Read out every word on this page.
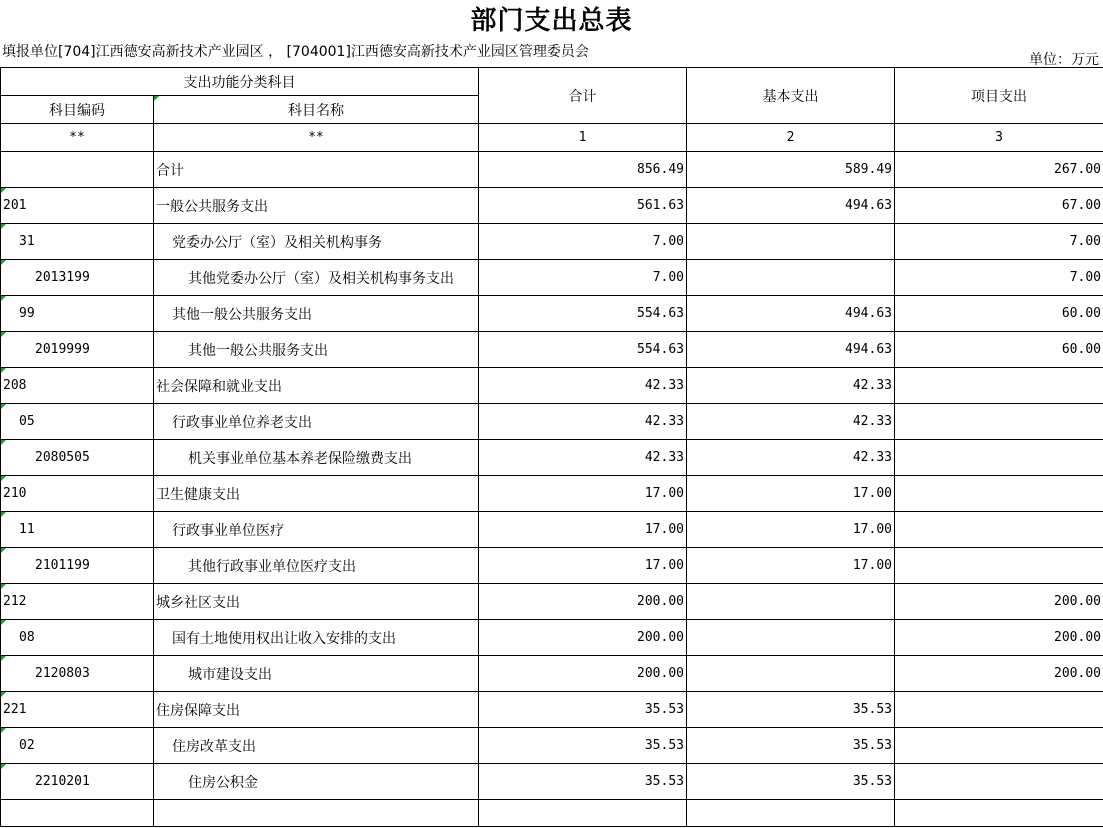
部门支出总表
填报单位[704]江西德安高新技术产业园区 ， [704001]江西德安高新技术产业园区管理委员会	单位：万元
支出功能分类科目		合计	基本支出	项目支出
科目编码	科目名称			
**	**	1	2	3
	合计	856.49	589.49	267.00

201	一般公共服务支出	561.63	494.63	67.00

31	党委办公厅（室）及相关机构事务	7.00		7.00

2013199	其他党委办公厅（室）及相关机构事务支出	7.00		7.00

99	其他一般公共服务支出	554.63	494.63	60.00

2019999	其他一般公共服务支出	554.63	494.63	60.00

208	社会保障和就业支出	42.33	42.33	

05	行政事业单位养老支出	42.33	42.33	

2080505	机关事业单位基本养老保险缴费支出	42.33	42.33	

210	卫生健康支出	17.00	17.00	

11	行政事业单位医疗	17.00	17.00	

2101199	其他行政事业单位医疗支出	17.00	17.00	

212	城乡社区支出	200.00		200.00

08	国有土地使用权出让收入安排的支出	200.00		200.00

2120803	城市建设支出	200.00		200.00

221	住房保障支出	35.53	35.53	

02	住房改革支出	35.53	35.53	

2210201	住房公积金	35.53	35.53	
